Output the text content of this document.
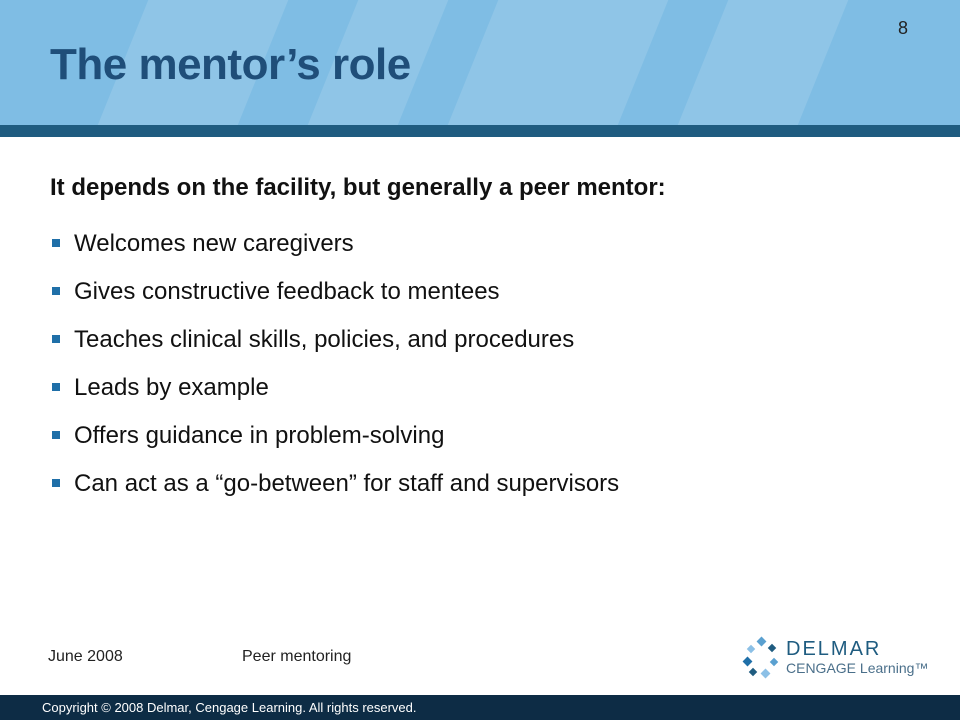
The mentor’s role
8

It depends on the facility, but generally a peer mentor:

Welcomes new caregivers
Gives constructive feedback to mentees
Teaches clinical skills, policies, and procedures
Leads by example
Offers guidance in problem-solving
Can act as a “go-between” for staff and supervisors
June 2008	Peer mentoring	DELMAR
CENGAGE Learning™
Copyright © 2008 Delmar, Cengage Learning. All rights reserved.
